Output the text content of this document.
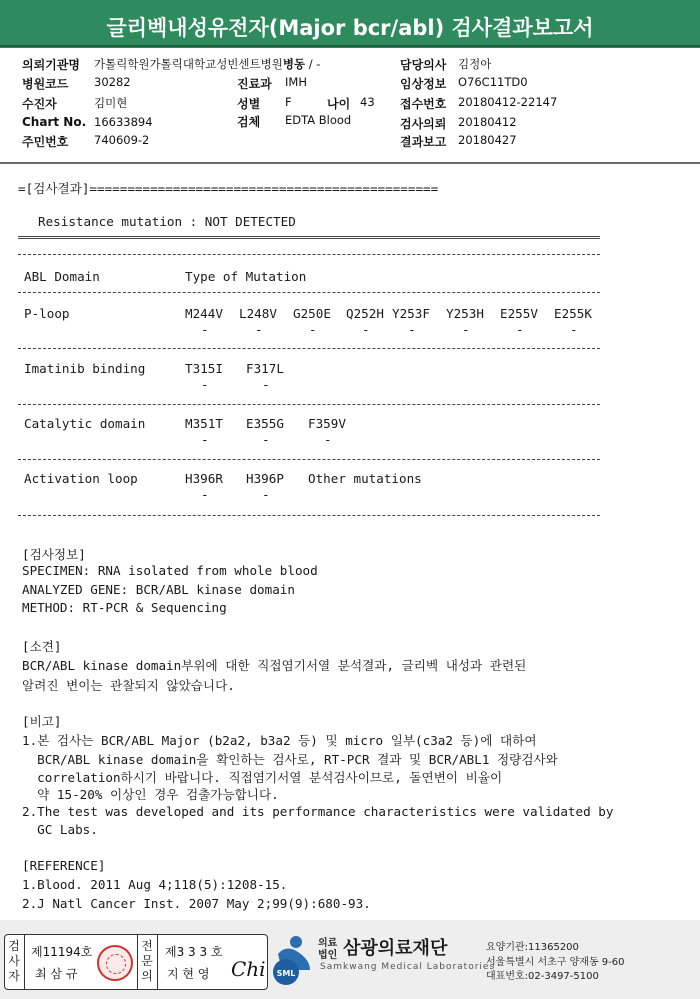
글리벡내성유전자(Major bcr/abl) 검사결과보고서
의뢰기관명 가톨릭학원가톨릭대학교성빈센트병원병동 / -
병원코드 30282	진료과 IMH
수진자	김미현	성별 F	나이 43
Chart No. 16633894	검체 EDTA Blood
주민번호 740609-2
담당의사 김정아
임상정보 O76C11TD0
접수번호 20180412-22147
검사의뢰 20180412
결과보고 20180427
=[검사결과]==============================================
Resistance mutation : NOT DETECTED
ABL Domain	Type of Mutation
P-loop	M244V L248V G250E Q252H Y253F Y253H E255V E255K
-	-	-	-	-	-	-	-
Imatinib binding	T315I F317L
-	-
Catalytic domain	M351T E355G F359V
-	-	-
Activation loop	H396R H396P Other mutations
-	-
[검사정보]
SPECIMEN: RNA isolated from whole blood
ANALYZED GENE: BCR/ABL kinase domain
METHOD: RT-PCR & Sequencing
[소견]
BCR/ABL kinase domain부위에 대한 직접염기서열 분석결과, 글리벡 내성과 관련된
알려진 변이는 관찰되지 않았습니다.
[비고]
1.본 검사는 BCR/ABL Major (b2a2, b3a2 등) 및 micro 일부(c3a2 등)에 대하여
BCR/ABL kinase domain을 확인하는 검사로, RT-PCR 결과 및 BCR/ABL1 정량검사와
correlation하시기 바랍니다. 직접염기서열 분석검사이므로, 돌연변이 비율이
약 15-20% 이상인 경우 검출가능합니다.
2.The test was developed and its performance characteristics were validated by
GC Labs.
[REFERENCE]
1.Blood. 2011 Aug 4;118(5):1208-15.
2.J Natl Cancer Inst. 2007 May 2;99(9):680-93.
검사자
제11194호
최 삼 규
전문의
제3 3 3 호
지 현 영 Chi SML
의료법인 삼광의료재단
Samkwang Medical Laboratories
요양기관:11365200
서울특별시 서초구 양재동 9-60
대표번호:02-3497-5100
